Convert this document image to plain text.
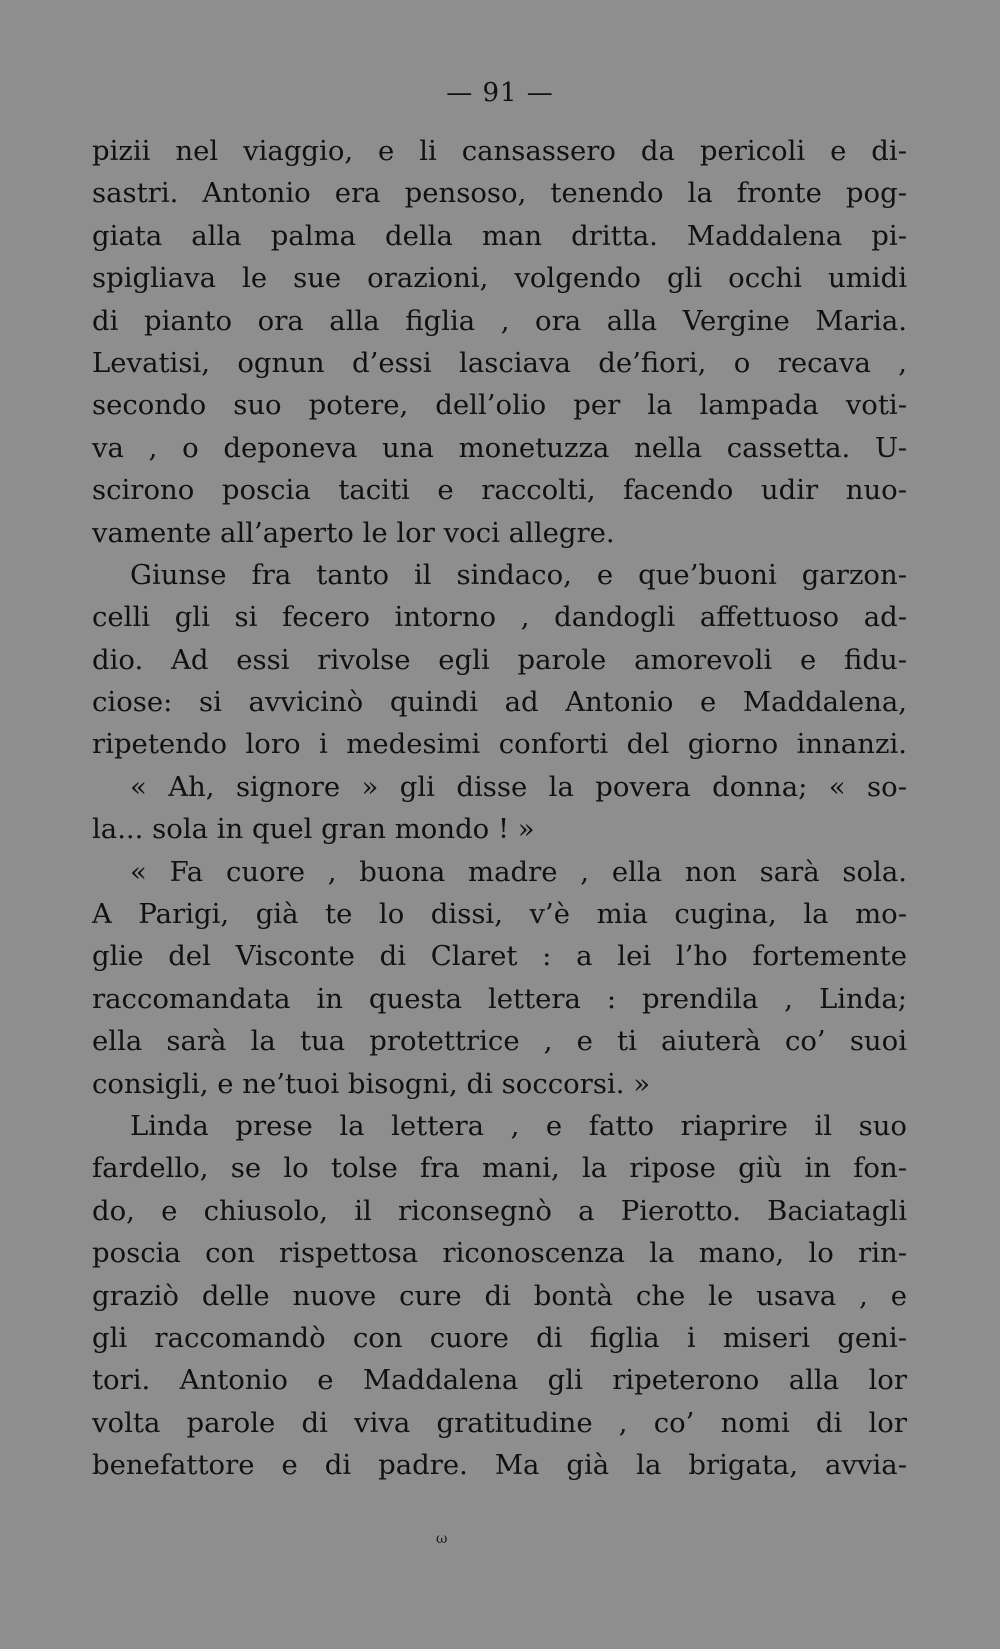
— 91 —
pizii nel viaggio, e li cansassero da pericoli e di-
sastri. Antonio era pensoso, tenendo la fronte pog-
giata alla palma della man dritta. Maddalena pi-
spigliava le sue orazioni, volgendo gli occhi umidi
di pianto ora alla figlia , ora alla Vergine Maria.
Levatisi, ognun d’essi lasciava de’fiori, o recava ,
secondo suo potere, dell’olio per la lampada voti-
va , o deponeva una monetuzza nella cassetta. U-
scirono poscia taciti e raccolti, facendo udir nuo-
vamente all’aperto le lor voci allegre.
Giunse fra tanto il sindaco, e que’buoni garzon-
celli gli si fecero intorno , dandogli affettuoso ad-
dio. Ad essi rivolse egli parole amorevoli e fidu-
ciose: si avvicinò quindi ad Antonio e Maddalena,
ripetendo loro i medesimi conforti del giorno innanzi.
« Ah, signore » gli disse la povera donna; « so-
la... sola in quel gran mondo ! »
« Fa cuore , buona madre , ella non sarà sola.
A Parigi, già te lo dissi, v’è mia cugina, la mo-
glie del Visconte di Claret : a lei l’ho fortemente
raccomandata in questa lettera : prendila , Linda;
ella sarà la tua protettrice , e ti aiuterà co’ suoi
consigli, e ne’tuoi bisogni, di soccorsi. »
Linda prese la lettera , e fatto riaprire il suo
fardello, se lo tolse fra mani, la ripose giù in fon-
do, e chiusolo, il riconsegnò a Pierotto. Baciatagli
poscia con rispettosa riconoscenza la mano, lo rin-
graziò delle nuove cure di bontà che le usava , e
gli raccomandò con cuore di figlia i miseri geni-
tori. Antonio e Maddalena gli ripeterono alla lor
volta parole di viva gratitudine , co’ nomi di lor
benefattore e di padre. Ma già la brigata, avvia-
ω
